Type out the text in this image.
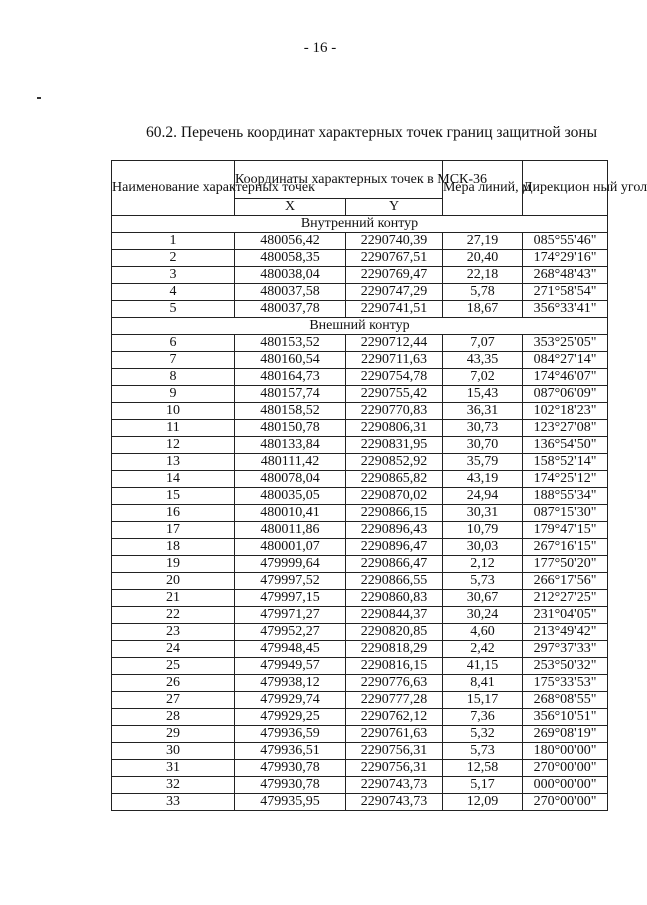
- 16 -
60.2. Перечень координат характерных точек границ защитной зоны
Наименование характерных точек	Координаты характерных точек в МСК-36		Мера линий, м	Дирекцион ный угол
	X	Y		
Внутренний контур				
1	480056,42	2290740,39	27,19	085°55'46"
2	480058,35	2290767,51	20,40	174°29'16"
3	480038,04	2290769,47	22,18	268°48'43"
4	480037,58	2290747,29	5,78	271°58'54"
5	480037,78	2290741,51	18,67	356°33'41"
Внешний контур				
6	480153,52	2290712,44	7,07	353°25'05"
7	480160,54	2290711,63	43,35	084°27'14"
8	480164,73	2290754,78	7,02	174°46'07"
9	480157,74	2290755,42	15,43	087°06'09"
10	480158,52	2290770,83	36,31	102°18'23"
11	480150,78	2290806,31	30,73	123°27'08"
12	480133,84	2290831,95	30,70	136°54'50"
13	480111,42	2290852,92	35,79	158°52'14"
14	480078,04	2290865,82	43,19	174°25'12"
15	480035,05	2290870,02	24,94	188°55'34"
16	480010,41	2290866,15	30,31	087°15'30"
17	480011,86	2290896,43	10,79	179°47'15"
18	480001,07	2290896,47	30,03	267°16'15"
19	479999,64	2290866,47	2,12	177°50'20"
20	479997,52	2290866,55	5,73	266°17'56"
21	479997,15	2290860,83	30,67	212°27'25"
22	479971,27	2290844,37	30,24	231°04'05"
23	479952,27	2290820,85	4,60	213°49'42"
24	479948,45	2290818,29	2,42	297°37'33"
25	479949,57	2290816,15	41,15	253°50'32"
26	479938,12	2290776,63	8,41	175°33'53"
27	479929,74	2290777,28	15,17	268°08'55"
28	479929,25	2290762,12	7,36	356°10'51"
29	479936,59	2290761,63	5,32	269°08'19"
30	479936,51	2290756,31	5,73	180°00'00"
31	479930,78	2290756,31	12,58	270°00'00"
32	479930,78	2290743,73	5,17	000°00'00"
33	479935,95	2290743,73	12,09	270°00'00"
